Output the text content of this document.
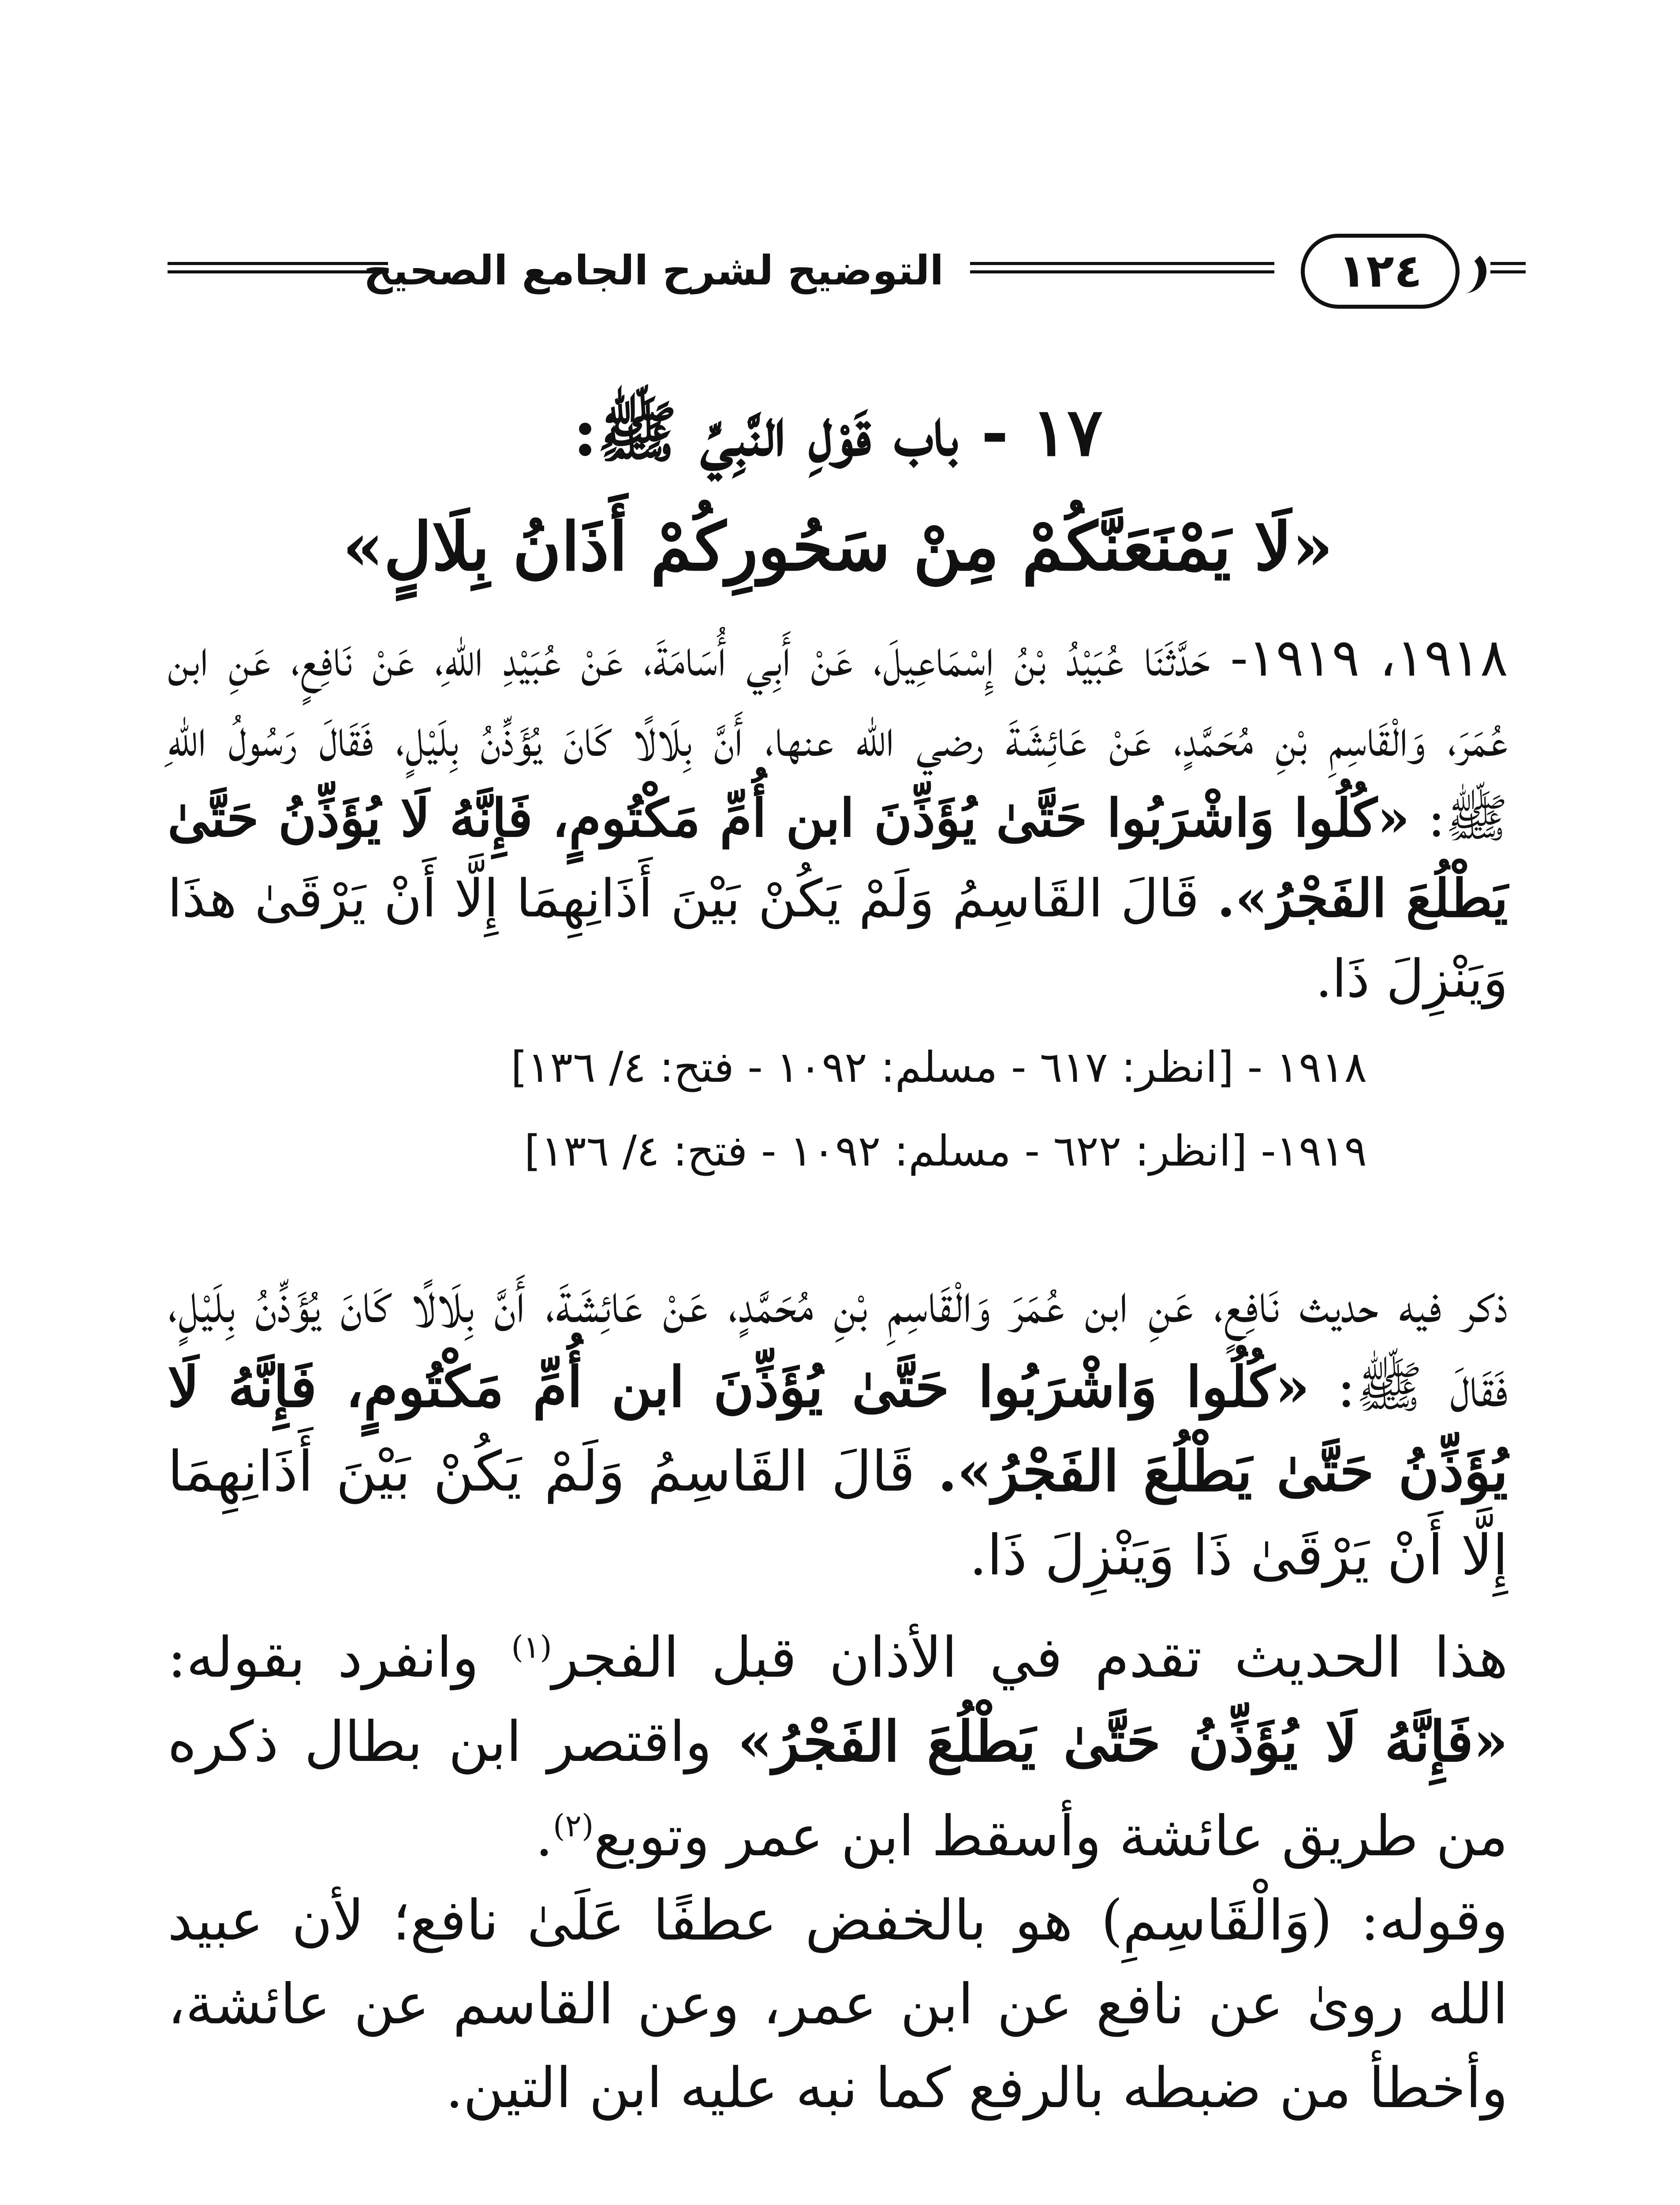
التوضيح لشرح الجامع الصحيح	١٢٤
١٧ - باب قَوْلِ النَّبِيِّ ﷺ:
«لَا يَمْنَعَنَّكُمْ مِنْ سَحُورِكُمْ أَذَانُ بِلَالٍ»
١٩١٨، ١٩١٩- حَدَّثَنَا عُبَيْدُ بْنُ إِسْمَاعِيلَ، عَنْ أَبِي أُسَامَةَ، عَنْ عُبَيْدِ اللهِ، عَنْ نَافِعٍ، عَنِ ابن عُمَرَ، وَالْقَاسِمِ بْنِ مُحَمَّدٍ، عَنْ عَائِشَةَ رضي الله عنها، أَنَّ بِلَالًا كَانَ يُؤَذِّنُ بِلَيْلٍ، فَقَالَ رَسُولُ اللهِ ﷺ: «كُلُوا وَاشْرَبُوا حَتَّىٰ يُؤَذِّنَ ابن أُمِّ مَكْتُومٍ، فَإِنَّهُ لَا يُؤَذِّنُ حَتَّىٰ يَطْلُعَ الفَجْرُ». قَالَ القَاسِمُ وَلَمْ يَكُنْ بَيْنَ أَذَانِهِمَا إِلَّا أَنْ يَرْقَىٰ هذَا وَيَنْزِلَ ذَا.
١٩١٨ - [انظر: ٦١٧ - مسلم: ١٠٩٢ - فتح: ٤/ ١٣٦]
١٩١٩- [انظر: ٦٢٢ - مسلم: ١٠٩٢ - فتح: ٤/ ١٣٦]
ذكر فيه حديث نَافِعٍ، عَنِ ابن عُمَرَ وَالْقَاسِمِ بْنِ مُحَمَّدٍ، عَنْ عَائِشَةَ، أَنَّ بِلَالًا كَانَ يُؤَذِّنُ بِلَيْلٍ، فَقَالَ ﷺ: «كُلُوا وَاشْرَبُوا حَتَّىٰ يُؤَذِّنَ ابن أُمِّ مَكْتُومٍ، فَإِنَّهُ لَا يُؤَذِّنُ حَتَّىٰ يَطْلُعَ الفَجْرُ». قَالَ القَاسِمُ وَلَمْ يَكُنْ بَيْنَ أَذَانِهِمَا إِلَّا أَنْ يَرْقَىٰ ذَا وَيَنْزِلَ ذَا.
هذا الحديث تقدم في الأذان قبل الفجر$^{(١)}$ وانفرد بقوله: «فَإِنَّهُ لَا يُؤَذِّنُ حَتَّىٰ يَطْلُعَ الفَجْرُ» واقتصر ابن بطال ذكره من طريق عائشة وأسقط ابن عمر وتوبع$^{(٢)}$.
وقوله: (وَالْقَاسِمِ) هو بالخفض عطفًا عَلَىٰ نافع؛ لأن عبيد الله روىٰ عن نافع عن ابن عمر، وعن القاسم عن عائشة، وأخطأ من ضبطه بالرفع كما نبه عليه ابن التين.
